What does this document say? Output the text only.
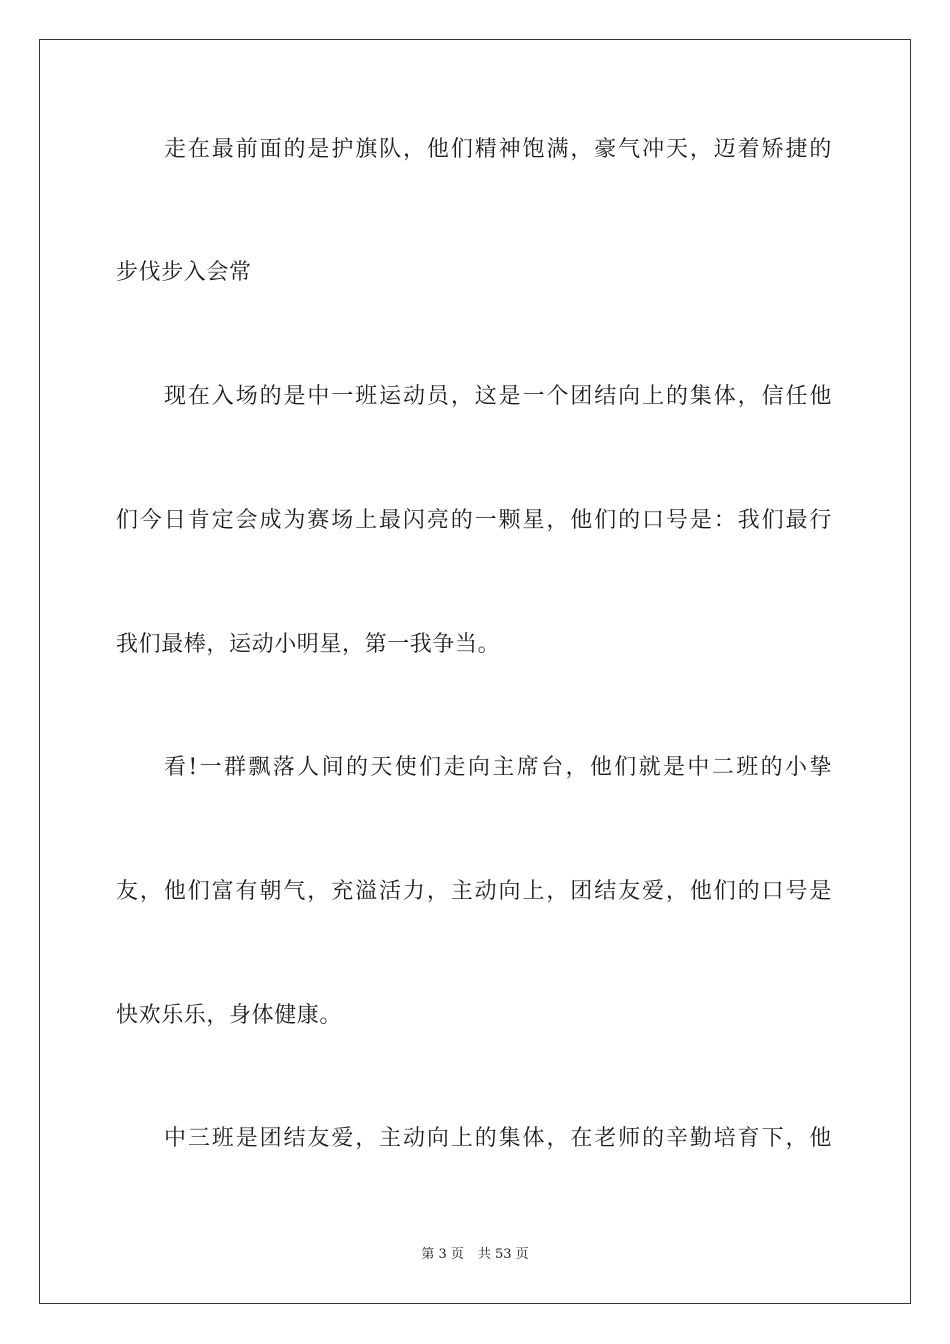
走在最前面的是护旗队，他们精神饱满，豪气冲天，迈着矫捷的
步伐步入会常
现在入场的是中一班运动员，这是一个团结向上的集体，信任他
们今日肯定会成为赛场上最闪亮的一颗星，他们的口号是：我们最行
我们最棒，运动小明星，第一我争当。
看!一群飘落人间的天使们走向主席台，他们就是中二班的小挚
友，他们富有朝气，充溢活力，主动向上，团结友爱，他们的口号是
快欢乐乐，身体健康。
中三班是团结友爱，主动向上的集体，在老师的辛勤培育下，他
第 3 页 共 53 页
